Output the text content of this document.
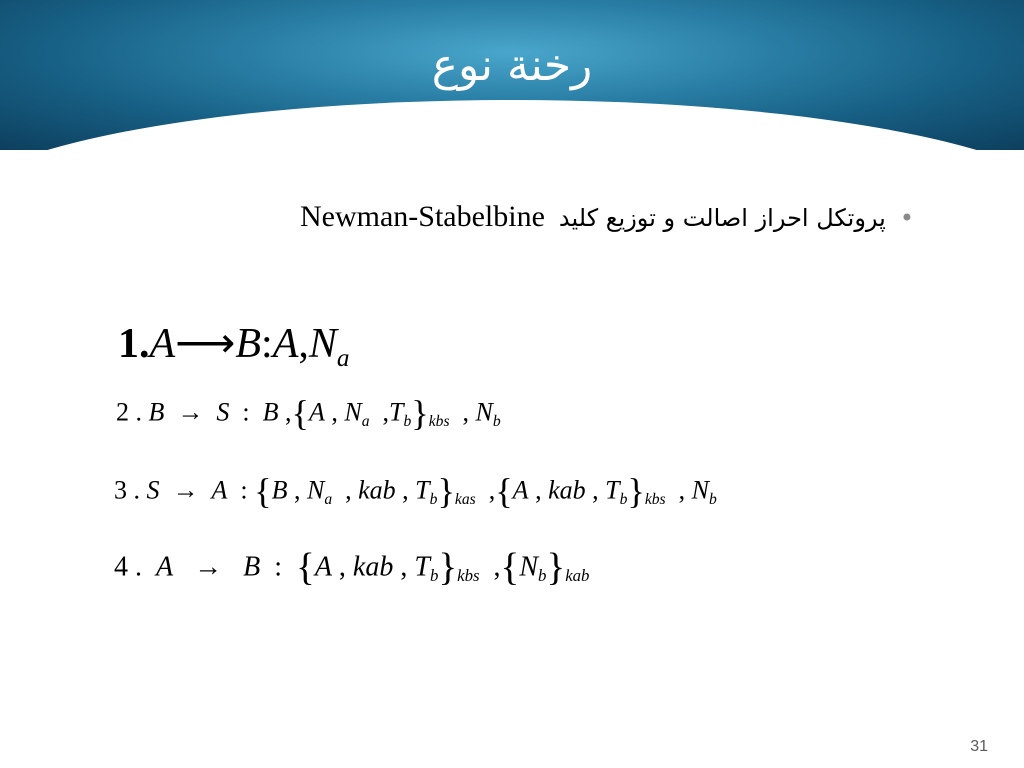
رخنة نوع
•
پروتکل احراز اصالت و توزیع کلید
Newman-Stabelbine
$1.A⟶B:A,N_a$
2 . B → S  :  B ,{A , $N_a$  $,T_b\}_{kbs}$  , $N_b$
3 . S → A  : {B , $N_a$  , kab , $T_b\}_{kas}$  ,{A , kab , $T_b\}_{kbs}$  , $N_b$
4 . A → B  :  {A , kab , $T_b\}_{kbs}$  $,\{N_b\}_{kab}$
31
